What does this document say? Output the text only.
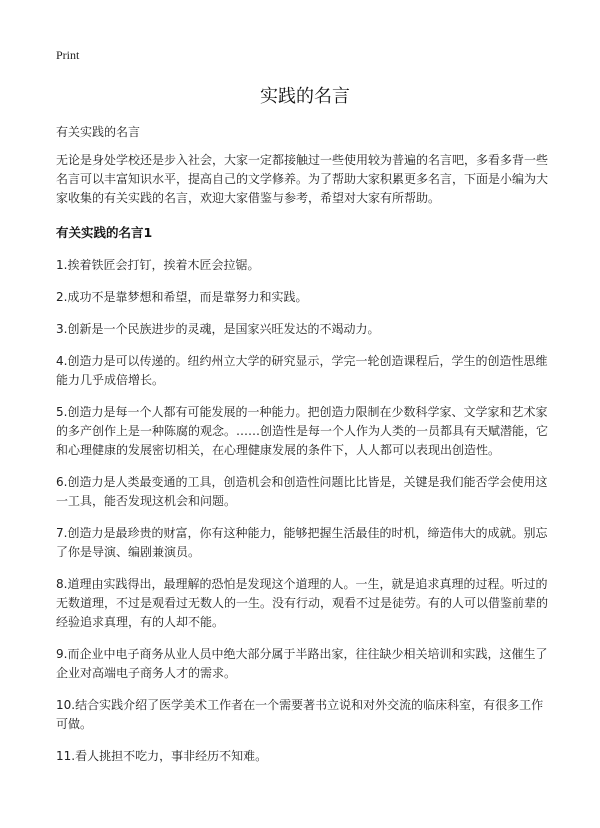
Print
实践的名言
有关实践的名言
无论是身处学校还是步入社会，大家一定都接触过一些使用较为普遍的名言吧，多看多背一些名言可以丰富知识水平，提高自己的文学修养。为了帮助大家积累更多名言，下面是小编为大家收集的有关实践的名言，欢迎大家借鉴与参考，希望对大家有所帮助。
有关实践的名言1
1.挨着铁匠会打钉，挨着木匠会拉锯。
2.成功不是靠梦想和希望，而是靠努力和实践。
3.创新是一个民族进步的灵魂，是国家兴旺发达的不竭动力。
4.创造力是可以传递的。纽约州立大学的研究显示，学完一轮创造课程后，学生的创造性思维能力几乎成倍增长。
5.创造力是每一个人都有可能发展的一种能力。把创造力限制在少数科学家、文学家和艺术家的多产创作上是一种陈腐的观念。……创造性是每一个人作为人类的一员都具有天赋潜能，它和心理健康的发展密切相关，在心理健康发展的条件下，人人都可以表现出创造性。
6.创造力是人类最变通的工具，创造机会和创造性问题比比皆是，关键是我们能否学会使用这一工具，能否发现这机会和问题。
7.创造力是最珍贵的财富，你有这种能力，能够把握生活最佳的时机，缔造伟大的成就。别忘了你是导演、编剧兼演员。
8.道理由实践得出，最理解的恐怕是发现这个道理的人。一生，就是追求真理的过程。听过的无数道理，不过是观看过无数人的一生。没有行动，观看不过是徒劳。有的人可以借鉴前辈的经验追求真理，有的人却不能。
9.而企业中电子商务从业人员中绝大部分属于半路出家，往往缺少相关培训和实践，这催生了企业对高端电子商务人才的需求。
10.结合实践介绍了医学美术工作者在一个需要著书立说和对外交流的临床科室，有很多工作可做。
11.看人挑担不吃力，事非经历不知难。
